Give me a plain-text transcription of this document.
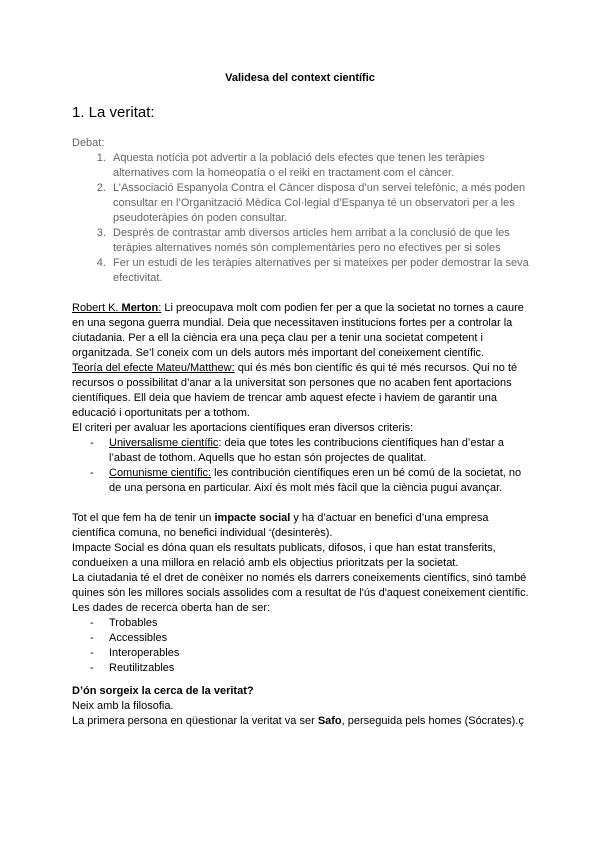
Validesa del context científic
1. La veritat:

Debat:

1. Aquesta notícia pot advertir a la població dels efectes que tenen les teràpies alternatives com la homeopatía o el reiki en tractament com el càncer.
2. L’Associació Espanyola Contra el Càncer disposa d’un servei telefònic, a més poden consultar en l’Organització Mèdica Col·legial d’Espanya té un observatori per a les pseudoteràpies ón poden consultar.
3. Després de contrastar amb diversos articles hem arribat a la conclusió de que les teràpies alternatives només són complementàries pero no efectives per si soles
4. Fer un estudi de les teràpies alternatives per si mateixes per poder demostrar la seva efectivitat.

Robert K. Merton: Li preocupava molt com podien fer per a que la societat no tornes a caure en una segona guerra mundial. Deia que necessitaven institucions fortes per a controlar la ciutadania. Per a ell la ciència era una peça clau per a tenir una societat competent i organitzada. Se’l coneix com un dels autors més important del coneixement científic.

Teoría del efecte Mateu/Matthew: qui és més bon científic és qui té més recursos. Qui no té recursos o possibilitat d’anar a la universitat son persones que no acaben fent aportacions científiques. Ell deia que haviem de trencar amb aquest efecte i haviem de garantir una educació i oportunitats per a tothom.

El criteri per avaluar les aportacions científiques eran diversos criteris:

- Universalisme científic: deia que totes les contribucions científiques han d’estar a l’abast de tothom. Aquells que ho estan són projectes de qualitat.
- Comunisme científic: les contribución científiques eren un bé comú de la societat, no de una persona en particular. Així és molt més fàcil que la ciència pugui avançar.

Tot el que fem ha de tenir un impacte social y ha d’actuar en benefici d’una empresa científica comuna, no benefici individual ‘(desinterès).

Impacte Social es dóna quan els resultats publicats, difosos, i que han estat transferits, condueixen a una millora en relació amb els objectius prioritzats per la societat.

La ciutadania té el dret de conèixer no només els darrers coneixements científics, sinó també quines són les millores socials assolides com a resultat de l'ús d'aquest coneixement científic.

Les dades de recerca oberta han de ser:

- Trobables
- Accessibles
- Interoperables
- Reutilitzables

D’ón sorgeix la cerca de la veritat?

Neix amb la filosofia.

La primera persona en qüestionar la veritat va ser Safo, perseguida pels homes (Sócrates).ç
